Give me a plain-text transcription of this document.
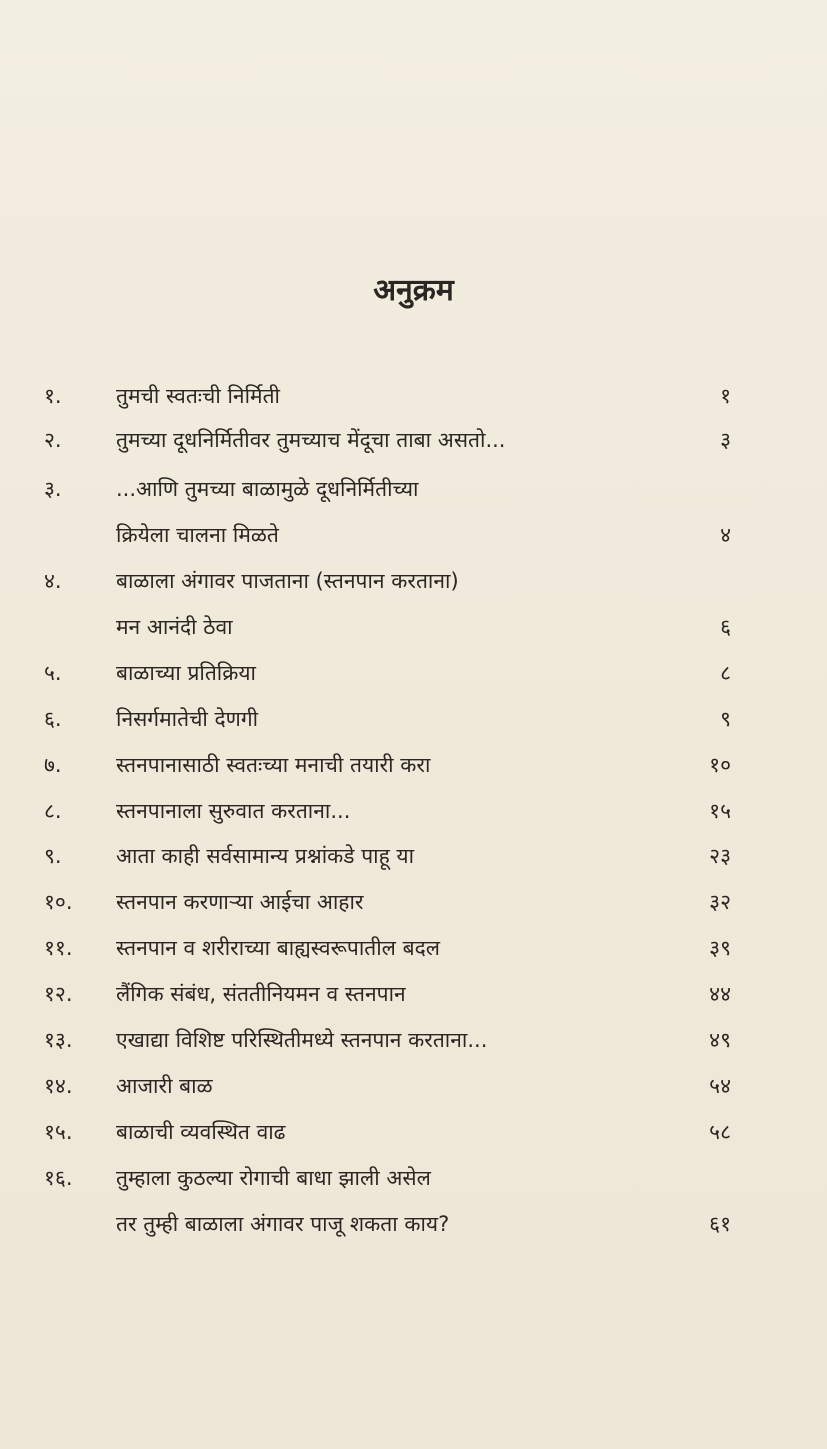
अनुक्रम
१.	तुमची स्वतःची निर्मिती	१
२.	तुमच्या दूधनिर्मितीवर तुमच्याच मेंदूचा ताबा असतो...	३
३.	...आणि तुमच्या बाळामुळे दूधनिर्मितीच्या
क्रियेला चालना मिळते	४
४.	बाळाला अंगावर पाजताना (स्तनपान करताना)
मन आनंदी ठेवा	६
५.	बाळाच्या प्रतिक्रिया	८
६.	निसर्गमातेची देणगी	९
७.	स्तनपानासाठी स्वतःच्या मनाची तयारी करा	१०
८.	स्तनपानाला सुरुवात करताना...	१५
९.	आता काही सर्वसामान्य प्रश्नांकडे पाहू या	२३
१०.	स्तनपान करणाऱ्या आईचा आहार	३२
११.	स्तनपान व शरीराच्या बाह्यस्वरूपातील बदल	३९
१२.	लैंगिक संबंध, संततीनियमन व स्तनपान	४४
१३.	एखाद्या विशिष्ट परिस्थितीमध्ये स्तनपान करताना...	४९
१४.	आजारी बाळ	५४
१५.	बाळाची व्यवस्थित वाढ	५८
१६.	तुम्हाला कुठल्या रोगाची बाधा झाली असेल
तर तुम्ही बाळाला अंगावर पाजू शकता काय?	६१
